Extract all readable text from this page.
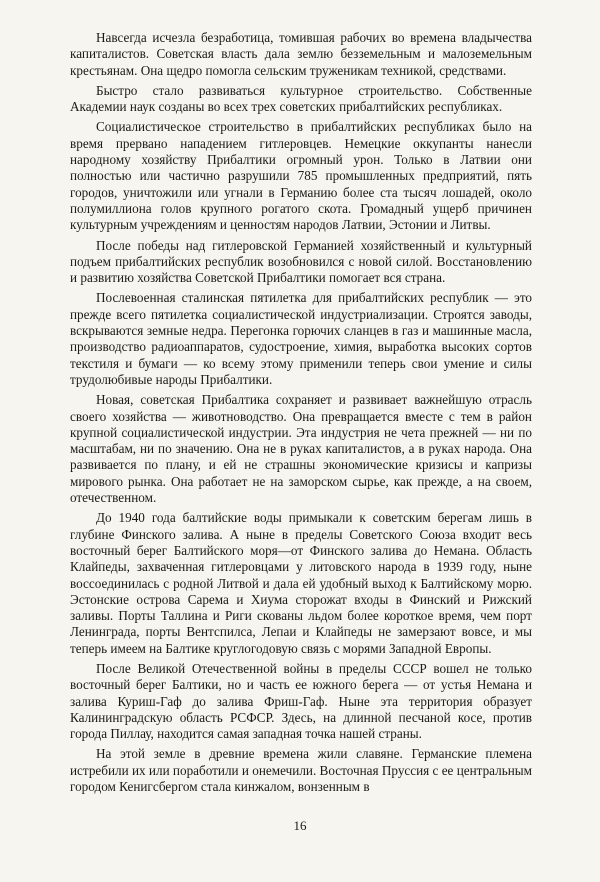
Навсегда исчезла безработица, томившая рабочих во времена владычества капиталистов. Советская власть дала землю безземельным и малоземельным крестьянам. Она щедро помогла сельским труженикам техникой, средствами.

Быстро стало развиваться культурное строительство. Собственные Академии наук созданы во всех трех советских прибалтийских республиках.

Социалистическое строительство в прибалтийских республиках было на время прервано нападением гитлеровцев. Немецкие оккупанты нанесли народному хозяйству Прибалтики огромный урон. Только в Латвии они полностью или частично разрушили 785 промышленных предприятий, пять городов, уничтожили или угнали в Германию более ста тысяч лошадей, около полумиллиона голов крупного рогатого скота. Громадный ущерб причинен культурным учреждениям и ценностям народов Латвии, Эстонии и Литвы.

После победы над гитлеровской Германией хозяйственный и культурный подъем прибалтийских республик возобновился с новой силой. Восстановлению и развитию хозяйства Советской Прибалтики помогает вся страна.

Послевоенная сталинская пятилетка для прибалтийских республик — это прежде всего пятилетка социалистической индустриализации. Строятся заводы, вскрываются земные недра. Перегонка горючих сланцев в газ и машинные масла, производство радиоаппаратов, судостроение, химия, выработка высоких сортов текстиля и бумаги — ко всему этому применили теперь свои умение и силы трудолюбивые народы Прибалтики.

Новая, советская Прибалтика сохраняет и развивает важнейшую отрасль своего хозяйства — животноводство. Она превращается вместе с тем в район крупной социалистической индустрии. Эта индустрия не чета прежней — ни по масштабам, ни по значению. Она не в руках капиталистов, а в руках народа. Она развивается по плану, и ей не страшны экономические кризисы и капризы мирового рынка. Она работает не на заморском сырье, как прежде, а на своем, отечественном.

До 1940 года балтийские воды примыкали к советским берегам лишь в глубине Финского залива. А ныне в пределы Советского Союза входит весь восточный берег Балтийского моря—от Финского залива до Немана. Область Клайпеды, захваченная гитлеровцами у литовского народа в 1939 году, ныне воссоединилась с родной Литвой и дала ей удобный выход к Балтийскому морю. Эстонские острова Сарема и Хиума сторожат входы в Финский и Рижский заливы. Порты Таллина и Риги скованы льдом более короткое время, чем порт Ленинграда, порты Вентспилса, Лепаи и Клайпеды не замерзают вовсе, и мы теперь имеем на Балтике круглогодовую связь с морями Западной Европы.

После Великой Отечественной войны в пределы СССР вошел не только восточный берег Балтики, но и часть ее южного берега — от устья Немана и залива Куриш-Гаф до залива Фриш-Гаф. Ныне эта территория образует Калининградскую область РСФСР. Здесь, на длинной песчаной косе, против города Пиллау, находится самая западная точка нашей страны.

На этой земле в древние времена жили славяне. Германские племена истребили их или поработили и онемечили. Восточная Пруссия с ее центральным городом Кенигсбергом стала кинжалом, вонзенным в

16
